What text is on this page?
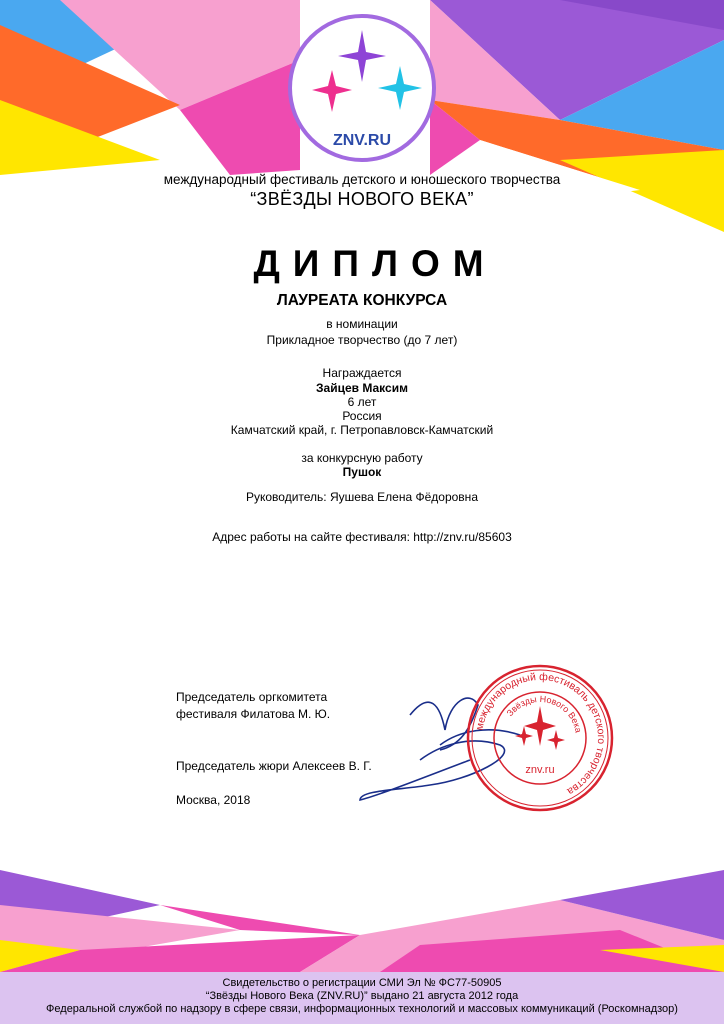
международный фестиваль детского творчества
Звёзды Нового Века
znv.ru
ZNV.RU
международный фестиваль детского и юношеского творчества
“ЗВЁЗДЫ НОВОГО ВЕКА”
ДИПЛОМ
ЛАУРЕАТА КОНКУРСА
в номинации
Прикладное творчество (до 7 лет)
Награждается
Зайцев Максим
6 лет
Россия
Камчатский край, г. Петропавловск-Камчатский
за конкурсную работу
Пушок
Руководитель: Яушева Елена Фёдоровна
Адрес работы на сайте фестиваля: http://znv.ru/85603
Председатель оргкомитета
фестиваля Филатова М. Ю.
Председатель жюри Алексеев В. Г.
Москва, 2018
Свидетельство о регистрации СМИ Эл № ФС77-50905
“Звёзды Нового Века (ZNV.RU)” выдано 21 августа 2012 года
Федеральной службой по надзору в сфере связи, информационных технологий и массовых коммуникаций (Роскомнадзор)
